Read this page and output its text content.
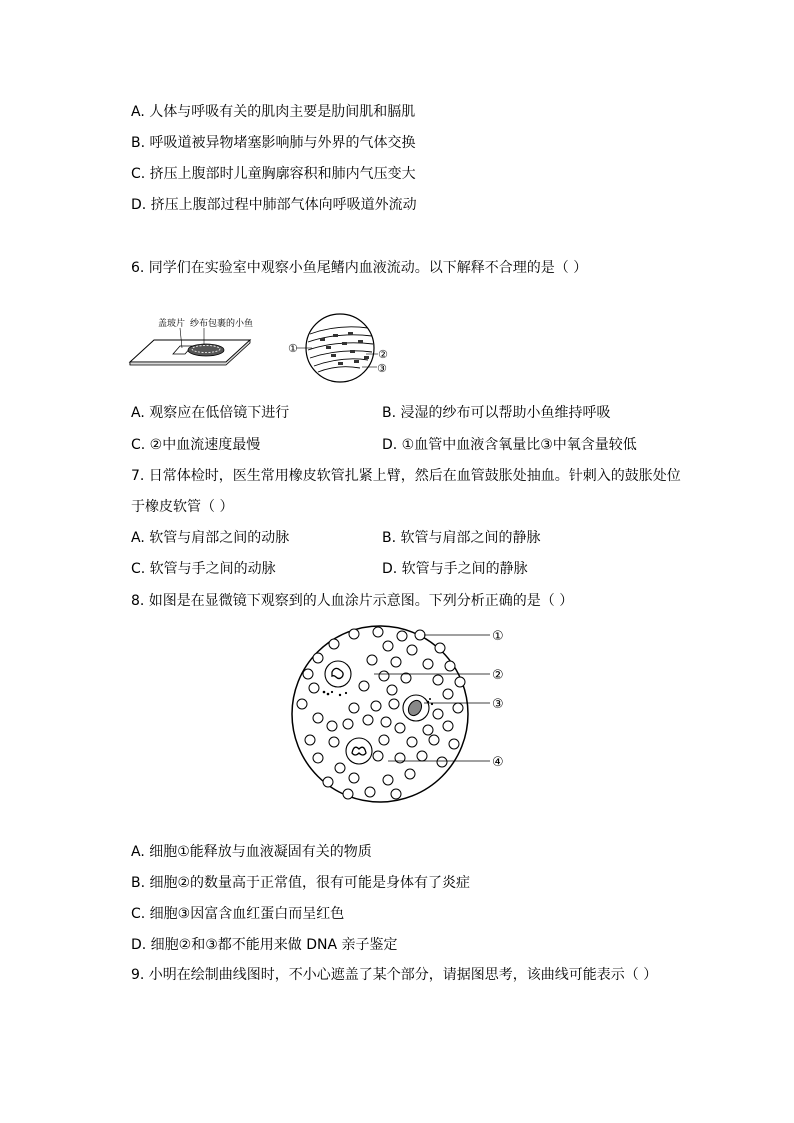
A. 人体与呼吸有关的肌肉主要是肋间肌和膈肌
B. 呼吸道被异物堵塞影响肺与外界的气体交换
C. 挤压上腹部时儿童胸廓容积和肺内气压变大
D. 挤压上腹部过程中肺部气体向呼吸道外流动
6. 同学们在实验室中观察小鱼尾鳍内血液流动。以下解释不合理的是（ ）
盖玻片 纱布包裹的小鱼
①	②
③
A. 观察应在低倍镜下进行	B. 浸湿的纱布可以帮助小鱼维持呼吸
C. ②中血流速度最慢	D. ①血管中血液含氧量比③中氧含量较低
7. 日常体检时，医生常用橡皮软管扎紧上臂，然后在血管鼓胀处抽血。针刺入的鼓胀处位
于橡皮软管（ ）
A. 软管与肩部之间的动脉	B. 软管与肩部之间的静脉
C. 软管与手之间的动脉	D. 软管与手之间的静脉
8. 如图是在显微镜下观察到的人血涂片示意图。下列分析正确的是（ ）
①
②
③
④
A. 细胞①能释放与血液凝固有关的物质
B. 细胞②的数量高于正常值，很有可能是身体有了炎症
C. 细胞③因富含血红蛋白而呈红色
D. 细胞②和③都不能用来做 DNA 亲子鉴定
9. 小明在绘制曲线图时，不小心遮盖了某个部分，请据图思考，该曲线可能表示（ ）
